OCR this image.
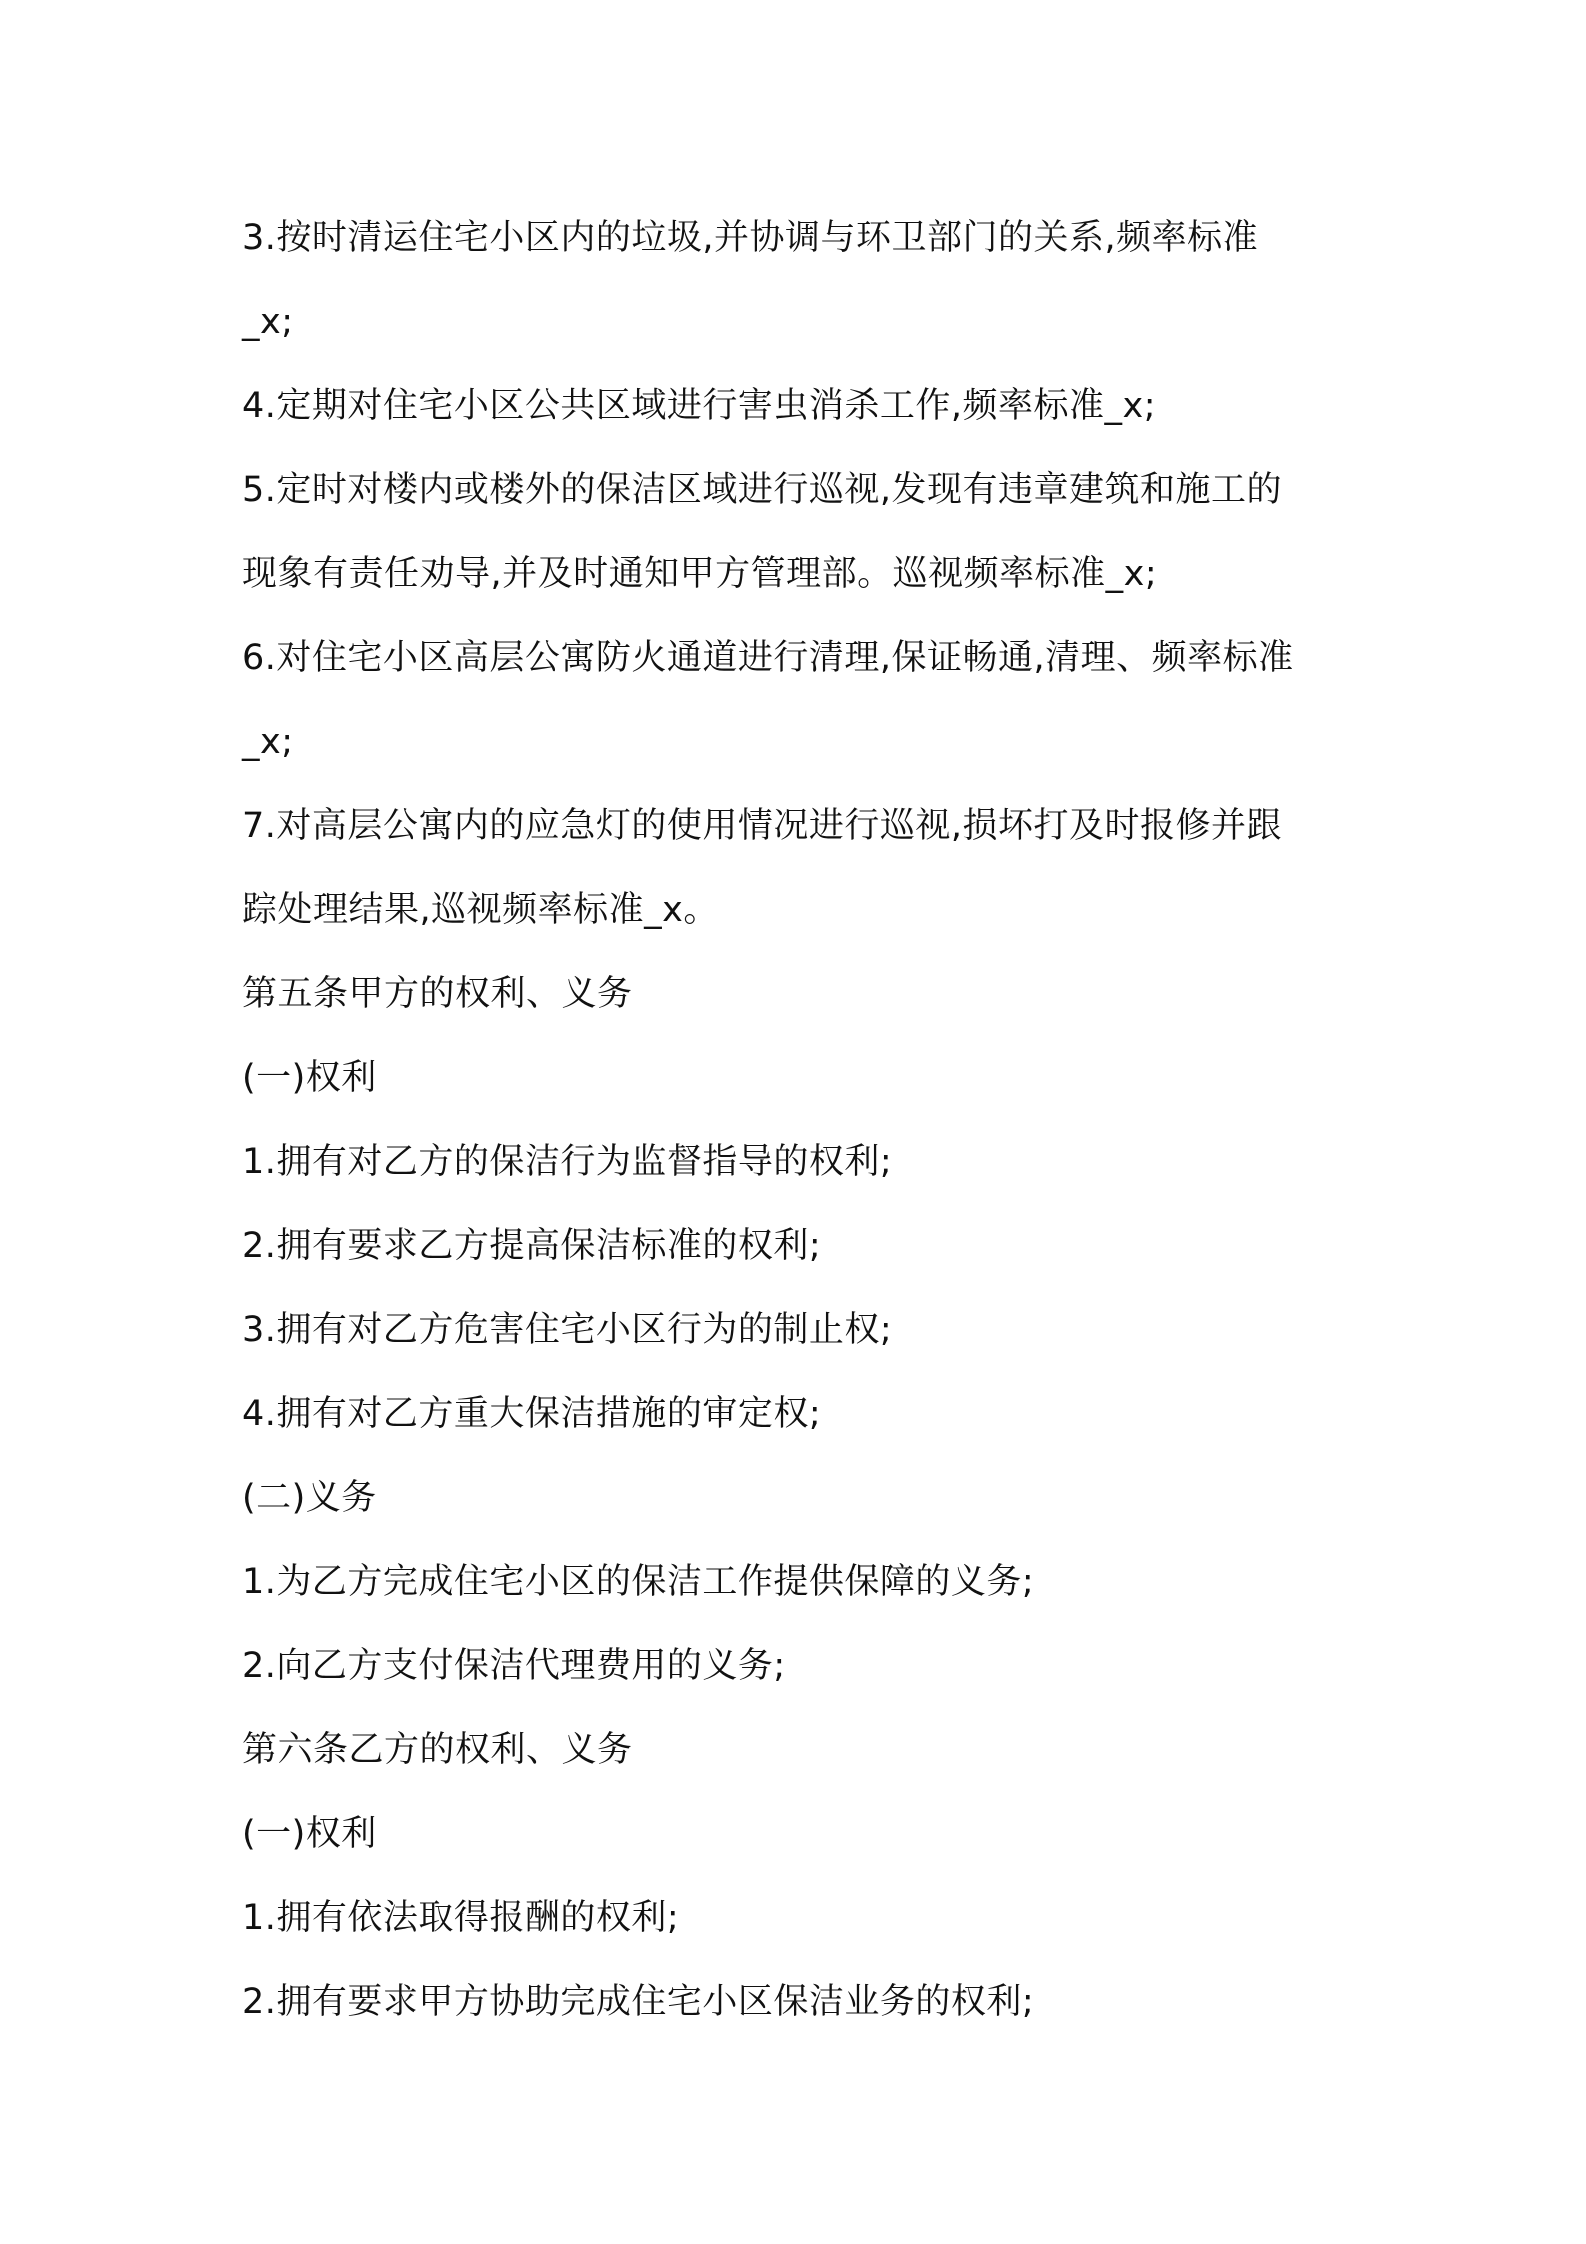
3.按时清运住宅小区内的垃圾,并协调与环卫部门的关系,频率标准
_x;
4.定期对住宅小区公共区域进行害虫消杀工作,频率标准_x;
5.定时对楼内或楼外的保洁区域进行巡视,发现有违章建筑和施工的
现象有责任劝导,并及时通知甲方管理部。巡视频率标准_x;
6.对住宅小区高层公寓防火通道进行清理,保证畅通,清理、频率标准
_x;
7.对高层公寓内的应急灯的使用情况进行巡视,损坏打及时报修并跟
踪处理结果,巡视频率标准_x。
第五条甲方的权利、义务
(一)权利
1.拥有对乙方的保洁行为监督指导的权利;
2.拥有要求乙方提高保洁标准的权利;
3.拥有对乙方危害住宅小区行为的制止权;
4.拥有对乙方重大保洁措施的审定权;
(二)义务
1.为乙方完成住宅小区的保洁工作提供保障的义务;
2.向乙方支付保洁代理费用的义务;
第六条乙方的权利、义务
(一)权利
1.拥有依法取得报酬的权利;
2.拥有要求甲方协助完成住宅小区保洁业务的权利;
